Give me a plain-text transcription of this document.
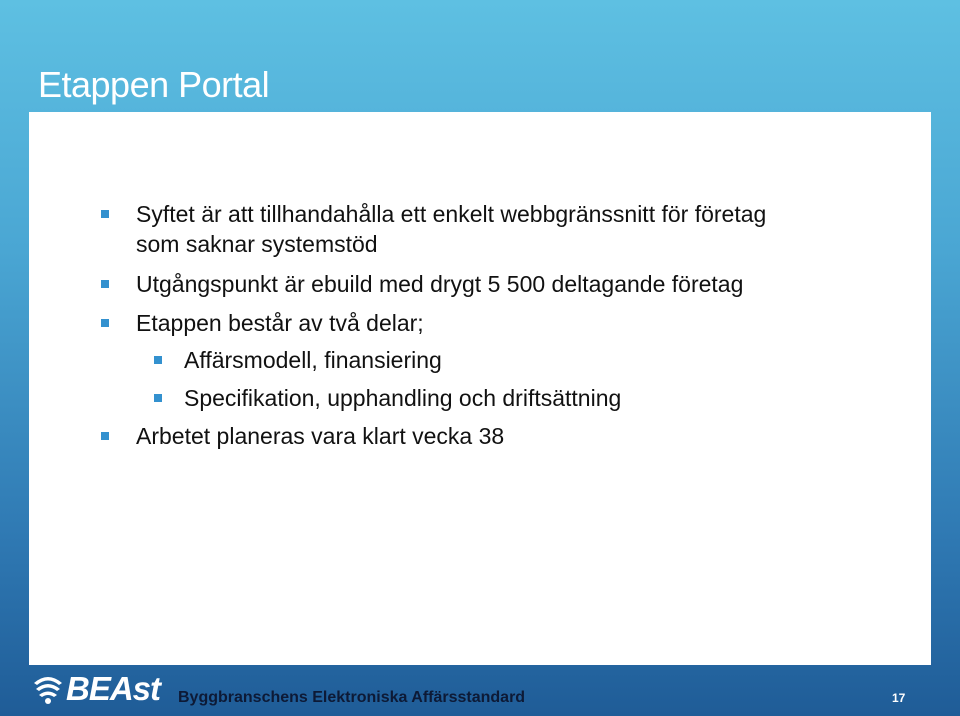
Etappen Portal
Syftet är att tillhandahålla ett enkelt webbgränssnitt för företag
som saknar systemstöd
Utgångspunkt är ebuild med drygt 5 500 deltagande företag
Etappen består av två delar;
Affärsmodell, finansiering
Specifikation, upphandling och driftsättning
Arbetet planeras vara klart vecka 38
BEAst Byggbranschens Elektroniska Affärsstandard	17
